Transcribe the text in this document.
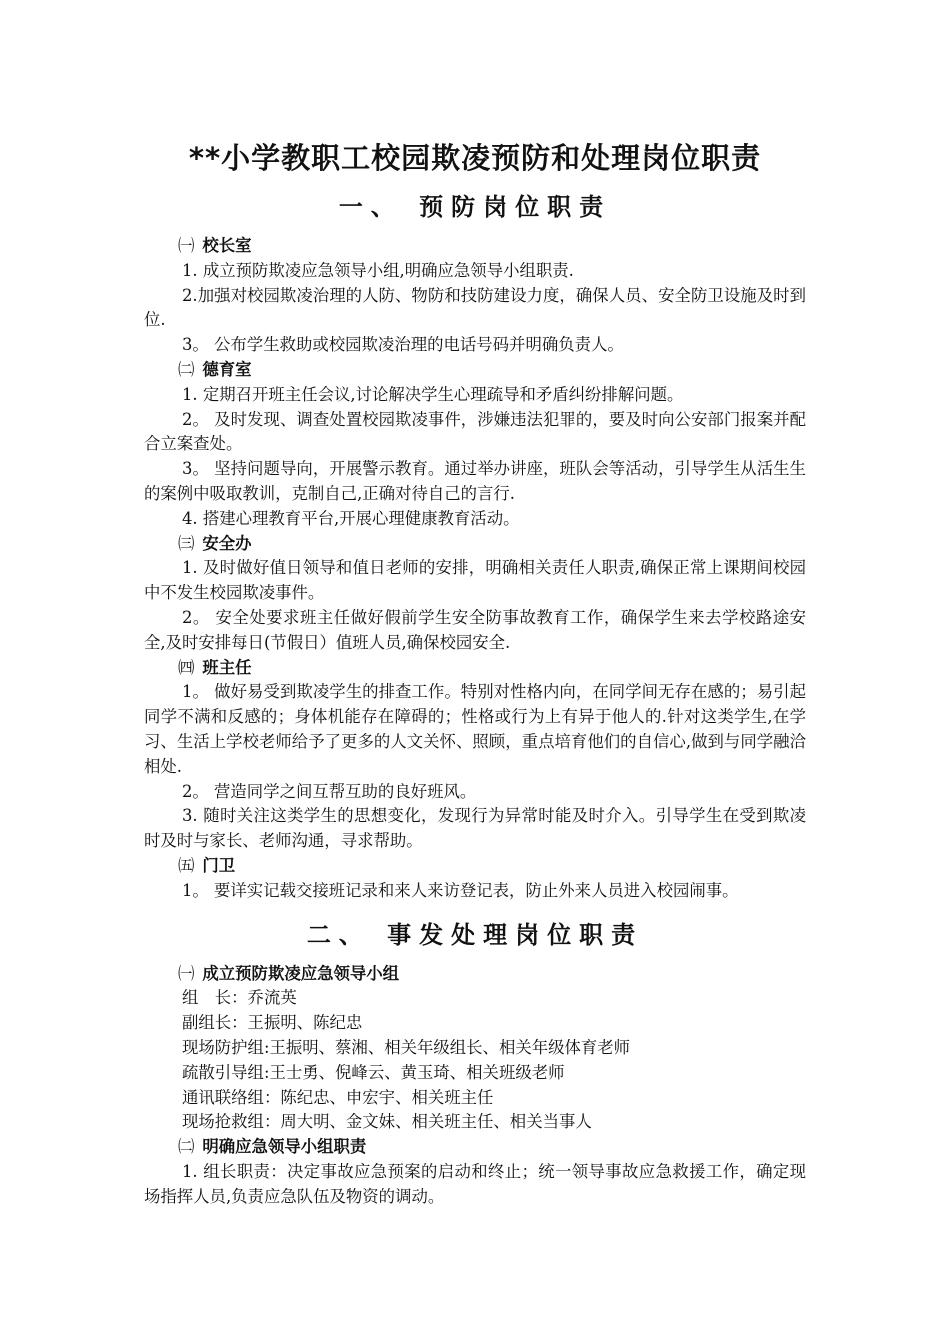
**小学教职工校园欺凌预防和处理岗位职责
一、 预防岗位职责
㈠ 校长室
1. 成立预防欺凌应急领导小组,明确应急领导小组职责.
2.加强对校园欺凌治理的人防、物防和技防建设力度，确保人员、安全防卫设施及时到位.
3。 公布学生救助或校园欺凌治理的电话号码并明确负责人。
㈡ 德育室
1. 定期召开班主任会议,讨论解决学生心理疏导和矛盾纠纷排解问题。
2。 及时发现、调查处置校园欺凌事件，涉嫌违法犯罪的，要及时向公安部门报案并配合立案查处。
3。 坚持问题导向，开展警示教育。通过举办讲座，班队会等活动，引导学生从活生生的案例中吸取教训，克制自己,正确对待自己的言行.
4. 搭建心理教育平台,开展心理健康教育活动。
㈢ 安全办
1. 及时做好值日领导和值日老师的安排，明确相关责任人职责,确保正常上课期间校园中不发生校园欺凌事件。
2。 安全处要求班主任做好假前学生安全防事故教育工作，确保学生来去学校路途安全,及时安排每日(节假日）值班人员,确保校园安全.
㈣ 班主任
1。 做好易受到欺凌学生的排查工作。特别对性格内向，在同学间无存在感的；易引起同学不满和反感的；身体机能存在障碍的；性格或行为上有异于他人的.针对这类学生,在学习、生活上学校老师给予了更多的人文关怀、照顾，重点培育他们的自信心,做到与同学融洽相处.
2。 营造同学之间互帮互助的良好班风。
3. 随时关注这类学生的思想变化，发现行为异常时能及时介入。引导学生在受到欺凌时及时与家长、老师沟通，寻求帮助。
㈤ 门卫
1。 要详实记载交接班记录和来人来访登记表，防止外来人员进入校园闹事。
二、 事发处理岗位职责
㈠ 成立预防欺凌应急领导小组
组　长：乔流英
副组长：王振明、陈纪忠
现场防护组:王振明、蔡湘、相关年级组长、相关年级体育老师
疏散引导组:王士勇、倪峰云、黄玉琦、相关班级老师
通讯联络组：陈纪忠、申宏宇、相关班主任
现场抢救组：周大明、金文妹、相关班主任、相关当事人
㈡ 明确应急领导小组职责
1. 组长职责：决定事故应急预案的启动和终止；统一领导事故应急救援工作，确定现场指挥人员,负责应急队伍及物资的调动。
